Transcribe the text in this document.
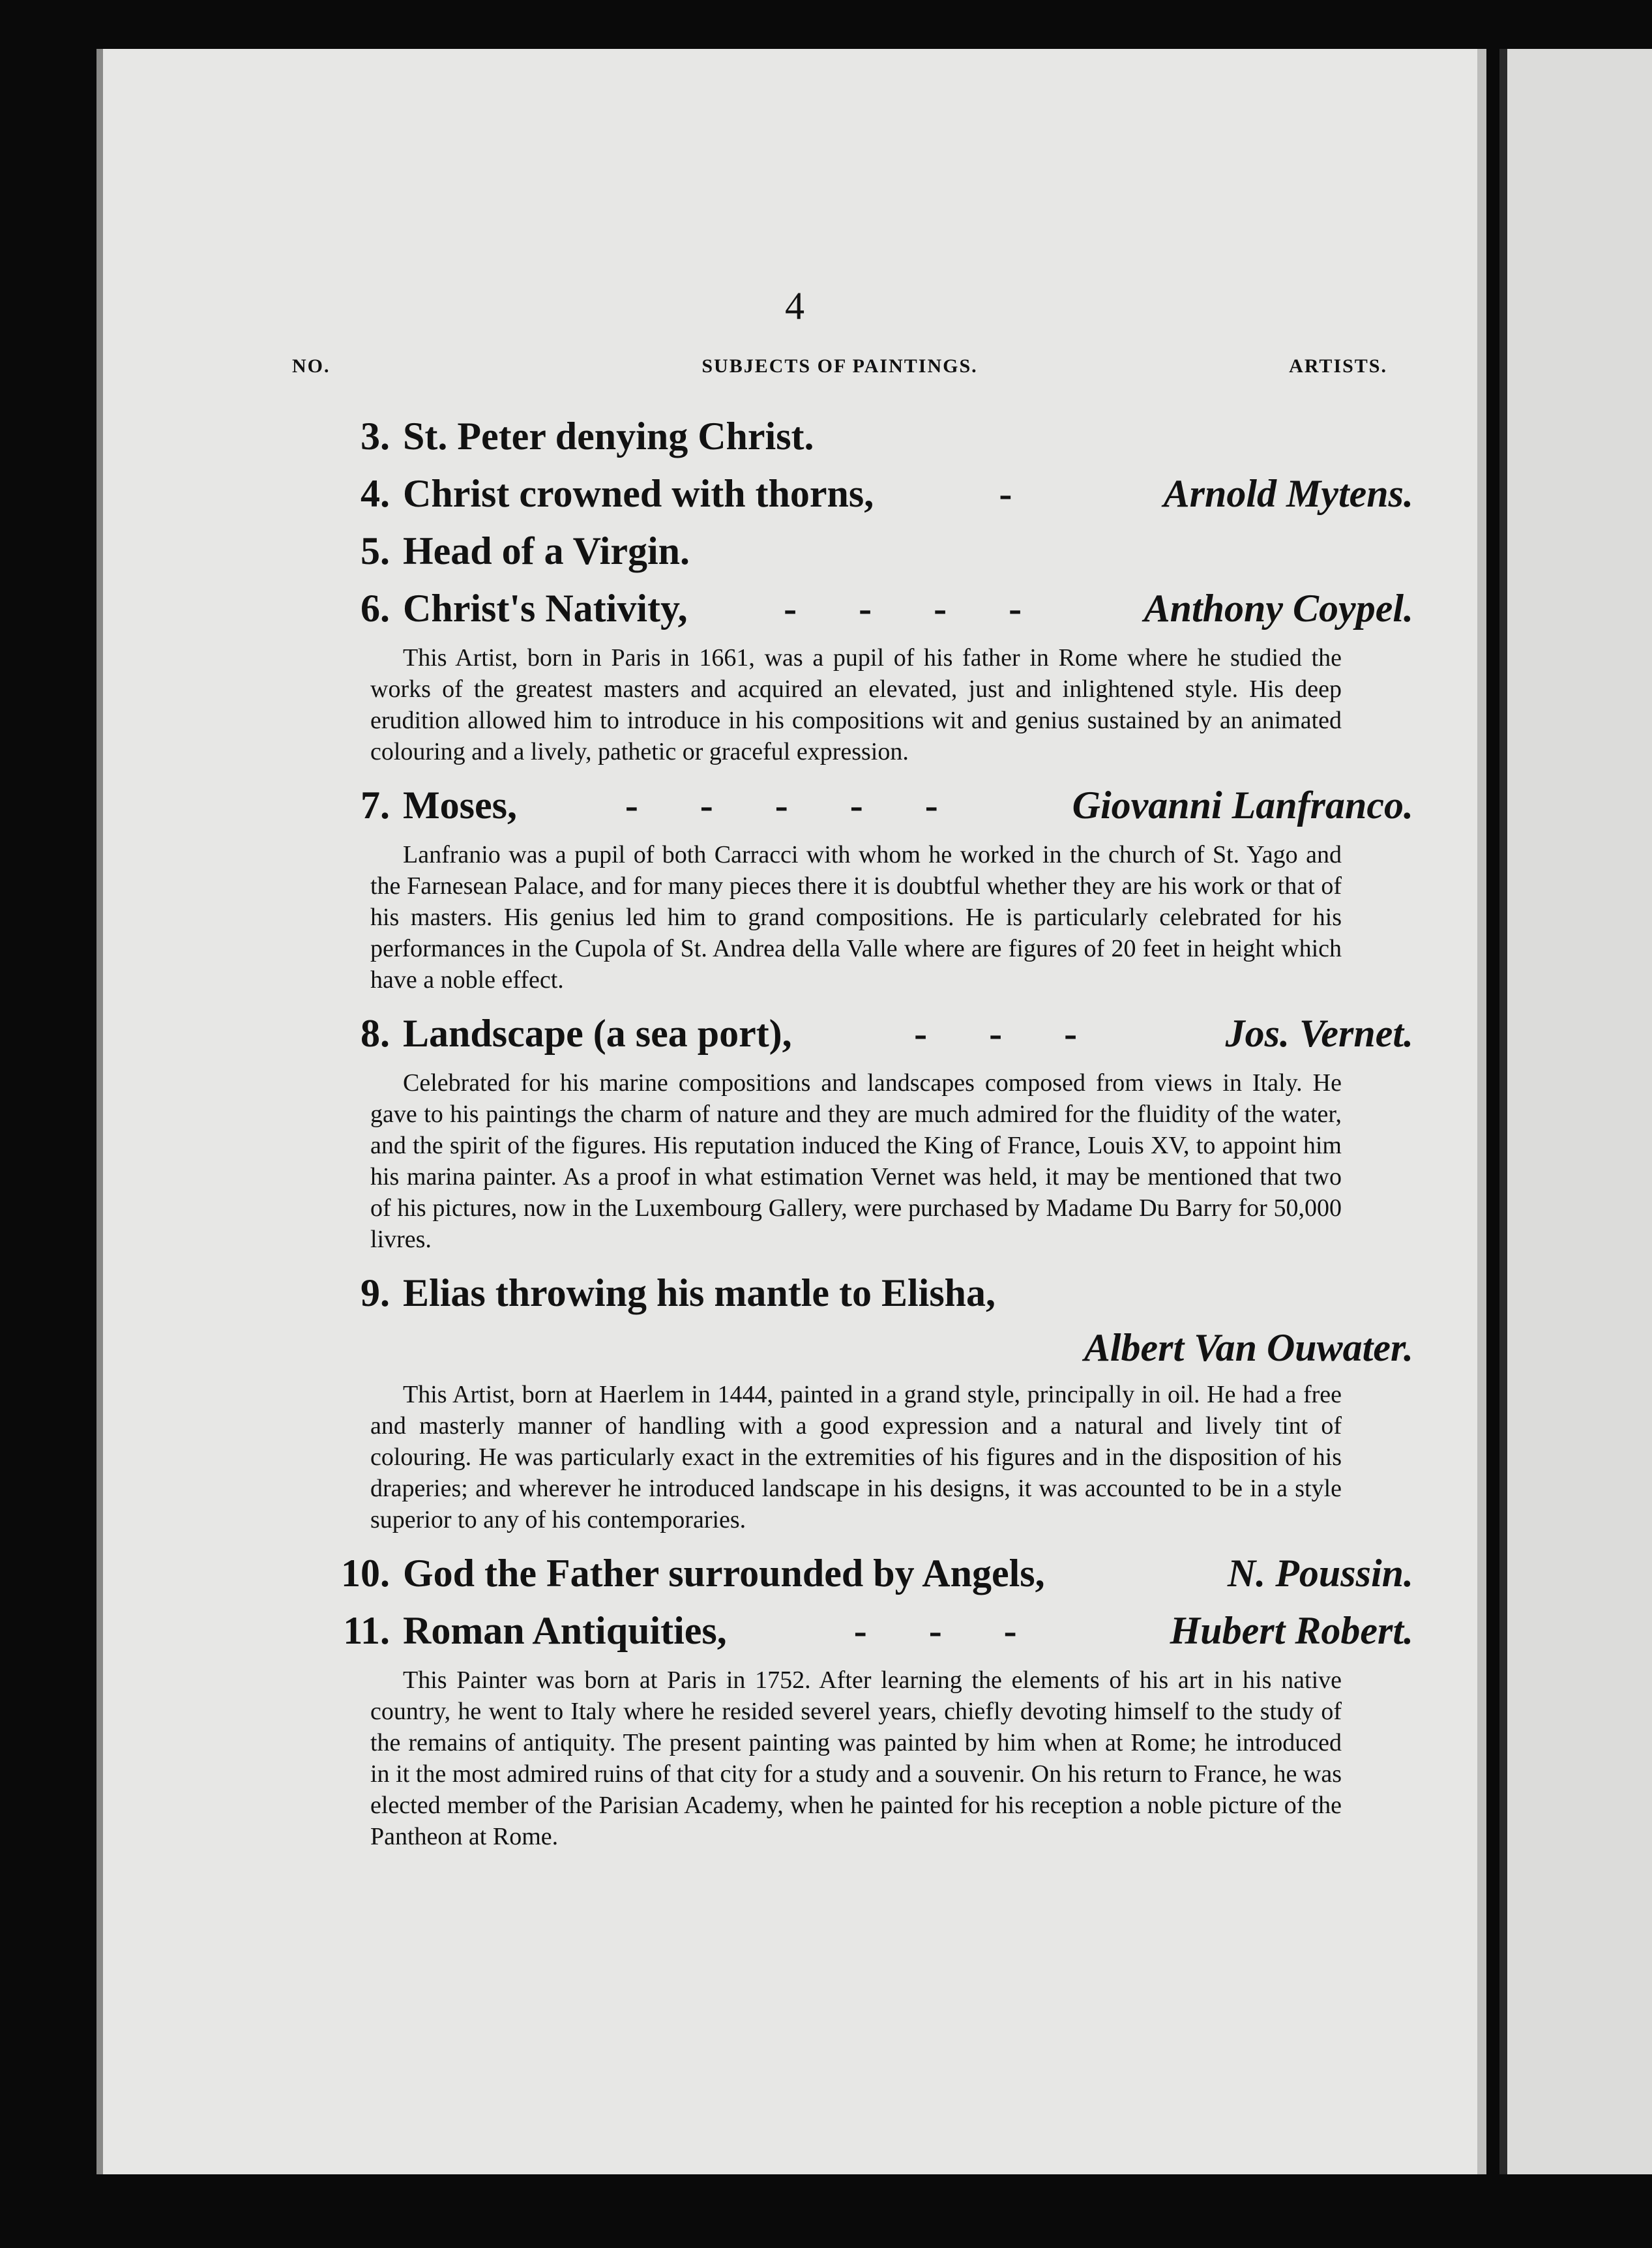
4
NO.	SUBJECTS OF PAINTINGS.	ARTISTS.
3. St. Peter denying Christ.
4. Christ crowned with thorns,	-	Arnold Mytens.
5. Head of a Virgin.
6. Christ's Nativity,	- - - -	Anthony Coypel.

This Artist, born in Paris in 1661, was a pupil of his father in Rome where he studied the works of the greatest masters and acquired an elevated, just and inlightened style. His deep erudition allowed him to introduce in his compositions wit and genius sustained by an animated colouring and a lively, pathetic or graceful expression.

7. Moses,	- - - - -	Giovanni Lanfranco.

Lanfranio was a pupil of both Carracci with whom he worked in the church of St. Yago and the Farnesean Palace, and for many pieces there it is doubtful whether they are his work or that of his masters. His genius led him to grand compositions. He is particularly celebrated for his performances in the Cupola of St. Andrea della Valle where are figures of 20 feet in height which have a noble effect.

8. Landscape (a sea port),	- - -	Jos. Vernet.

Celebrated for his marine compositions and landscapes composed from views in Italy. He gave to his paintings the charm of nature and they are much admired for the fluidity of the water, and the spirit of the figures. His reputation induced the King of France, Louis XV, to appoint him his marina painter. As a proof in what estimation Vernet was held, it may be mentioned that two of his pictures, now in the Luxembourg Gallery, were purchased by Madame Du Barry for 50,000 livres.

9. Elias throwing his mantle to Elisha,
Albert Van Ouwater.

This Artist, born at Haerlem in 1444, painted in a grand style, principally in oil. He had a free and masterly manner of handling with a good expression and a natural and lively tint of colouring. He was particularly exact in the extremities of his figures and in the disposition of his draperies; and wherever he introduced landscape in his designs, it was accounted to be in a style superior to any of his contemporaries.

10. God the Father surrounded by Angels,	N. Poussin.
11. Roman Antiquities,	- - -	Hubert Robert.

This Painter was born at Paris in 1752. After learning the elements of his art in his native country, he went to Italy where he resided severel years, chiefly devoting himself to the study of the remains of antiquity. The present painting was painted by him when at Rome; he introduced in it the most admired ruins of that city for a study and a souvenir. On his return to France, he was elected member of the Parisian Academy, when he painted for his reception a noble picture of the Pantheon at Rome.
